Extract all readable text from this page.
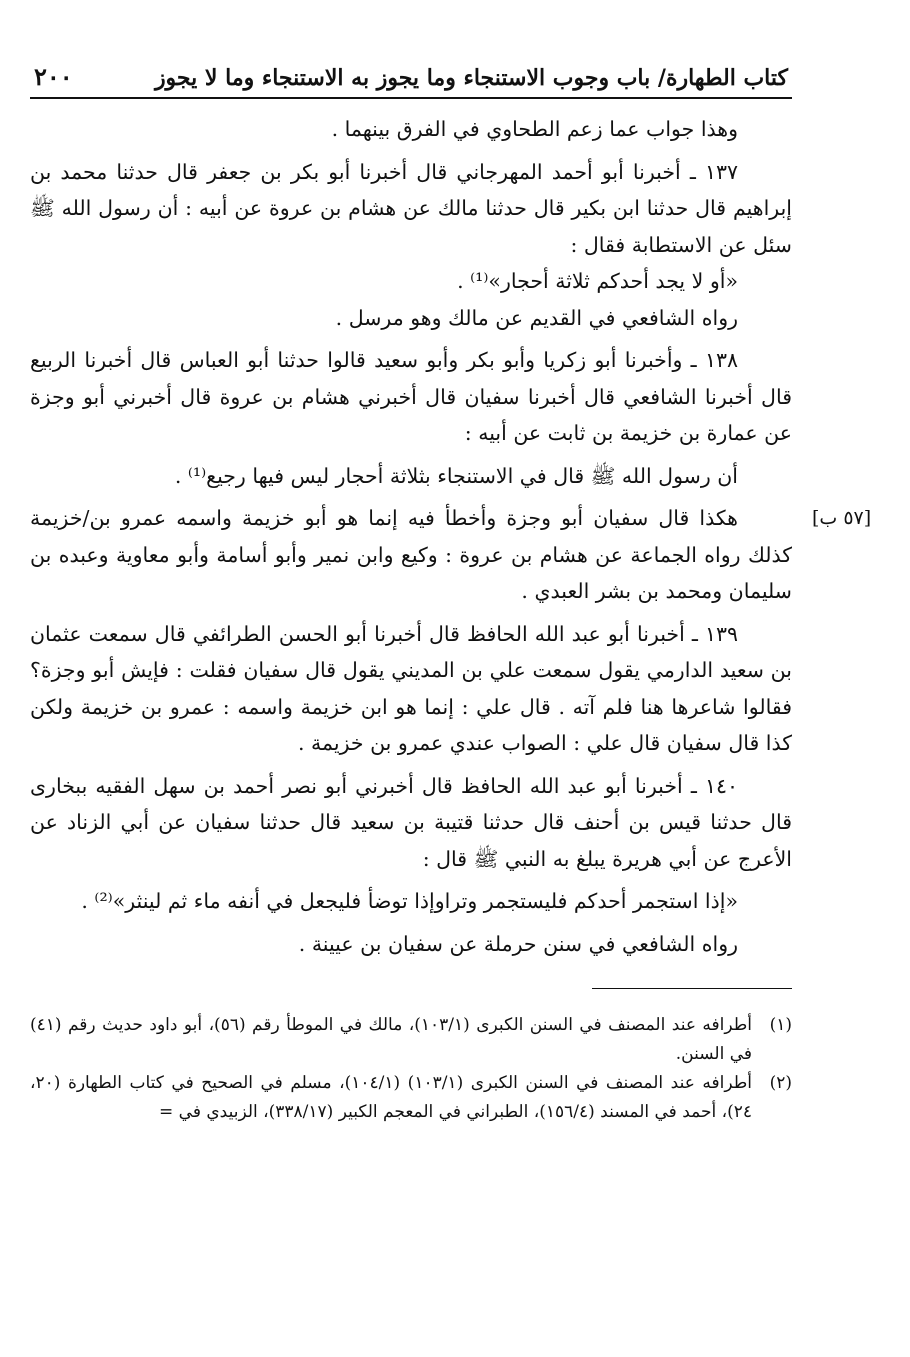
كتاب الطهارة/ باب وجوب الاستنجاء وما يجوز به الاستنجاء وما لا يجوز
٢٠٠

وهذا جواب عما زعم الطحاوي في الفرق بينهما .

١٣٧ ـ أخبرنا أبو أحمد المهرجاني قال أخبرنا أبو بكر بن جعفر قال حدثنا محمد بن إبراهيم قال حدثنا ابن بكير قال حدثنا مالك عن هشام بن عروة عن أبيه : أن رسول الله ﷺ سئل عن الاستطابة فقال :

«أو لا يجد أحدكم ثلاثة أحجار»⁽¹⁾ .

رواه الشافعي في القديم عن مالك وهو مرسل .

١٣٨ ـ وأخبرنا أبو زكريا وأبو بكر وأبو سعيد قالوا حدثنا أبو العباس قال أخبرنا الربيع قال أخبرنا الشافعي قال أخبرنا سفيان قال أخبرني هشام بن عروة قال أخبرني أبو وجزة عن عمارة بن خزيمة بن ثابت عن أبيه :

أن رسول الله ﷺ قال في الاستنجاء بثلاثة أحجار ليس فيها رجيع⁽¹⁾ .

[٥٧ ب]

هكذا قال سفيان أبو وجزة وأخطأ فيه إنما هو أبو خزيمة واسمه عمرو بن/خزيمة كذلك رواه الجماعة عن هشام بن عروة : وكيع وابن نمير وأبو أسامة وأبو معاوية وعبده بن سليمان ومحمد بن بشر العبدي .

١٣٩ ـ أخبرنا أبو عبد الله الحافظ قال أخبرنا أبو الحسن الطرائفي قال سمعت عثمان بن سعيد الدارمي يقول سمعت علي بن المديني يقول قال سفيان فقلت : فإيش أبو وجزة؟ فقالوا شاعرها هنا فلم آته . قال علي : إنما هو ابن خزيمة واسمه : عمرو بن خزيمة ولكن كذا قال سفيان قال علي : الصواب عندي عمرو بن خزيمة .

١٤٠ ـ أخبرنا أبو عبد الله الحافظ قال أخبرني أبو نصر أحمد بن سهل الفقيه ببخارى قال حدثنا قيس بن أحنف قال حدثنا قتيبة بن سعيد قال حدثنا سفيان عن أبي الزناد عن الأعرج عن أبي هريرة يبلغ به النبي ﷺ قال :

«إذا استجمر أحدكم فليستجمر وتراوإذا توضأ فليجعل في أنفه ماء ثم لينثر»⁽²⁾ .

رواه الشافعي في سنن حرملة عن سفيان بن عيينة .

(١)
أطرافه عند المصنف في السنن الكبرى (١٠٣/١)، مالك في الموطأ رقم (٥٦)، أبو داود حديث رقم (٤١) في السنن.
(٢)
أطرافه عند المصنف في السنن الكبرى (١٠٣/١) (١٠٤/١)، مسلم في الصحيح في كتاب الطهارة (٢٠، ٢٤)، أحمد في المسند (١٥٦/٤)، الطبراني في المعجم الكبير (٣٣٨/١٧)، الزبيدي في =
